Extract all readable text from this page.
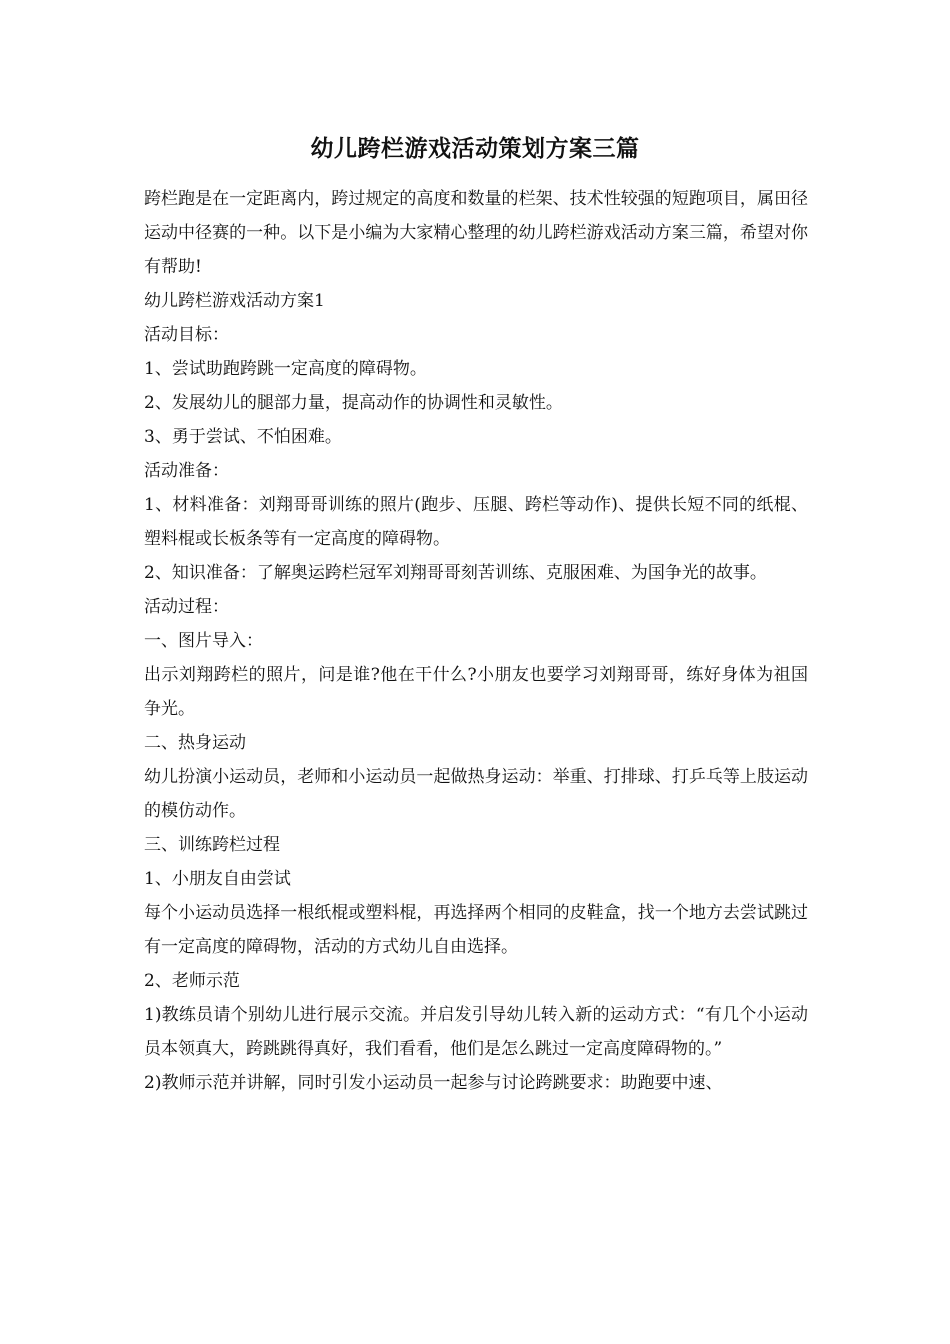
幼儿跨栏游戏活动策划方案三篇

跨栏跑是在一定距离内，跨过规定的高度和数量的栏架、技术性较强的短跑项目，属田径运动中径赛的一种。以下是小编为大家精心整理的幼儿跨栏游戏活动方案三篇，希望对你有帮助!

幼儿跨栏游戏活动方案1

活动目标：

1、尝试助跑跨跳一定高度的障碍物。

2、发展幼儿的腿部力量，提高动作的协调性和灵敏性。

3、勇于尝试、不怕困难。

活动准备：

1、材料准备：刘翔哥哥训练的照片(跑步、压腿、跨栏等动作)、提供长短不同的纸棍、塑料棍或长板条等有一定高度的障碍物。

2、知识准备：了解奥运跨栏冠军刘翔哥哥刻苦训练、克服困难、为国争光的故事。

活动过程：

一、图片导入：

出示刘翔跨栏的照片，问是谁?他在干什么?小朋友也要学习刘翔哥哥，练好身体为祖国争光。

二、热身运动

幼儿扮演小运动员，老师和小运动员一起做热身运动：举重、打排球、打乒乓等上肢运动的模仿动作。

三、训练跨栏过程

1、小朋友自由尝试

每个小运动员选择一根纸棍或塑料棍，再选择两个相同的皮鞋盒，找一个地方去尝试跳过有一定高度的障碍物，活动的方式幼儿自由选择。

2、老师示范

1)教练员请个别幼儿进行展示交流。并启发引导幼儿转入新的运动方式：“有几个小运动员本领真大，跨跳跳得真好，我们看看，他们是怎么跳过一定高度障碍物的。”

2)教师示范并讲解，同时引发小运动员一起参与讨论跨跳要求：助跑要中速、
